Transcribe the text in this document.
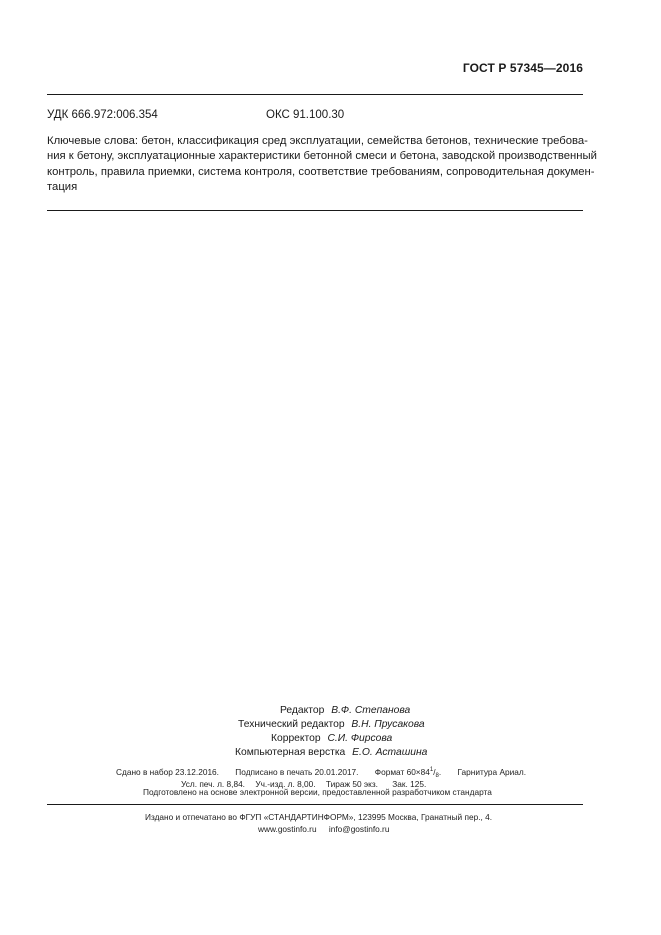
ГОСТ Р 57345—2016
УДК 666.972:006.354	ОКС 91.100.30
Ключевые слова: бетон, классификация сред эксплуатации, семейства бетонов, технические требова-
ния к бетону, эксплуатационные характеристики бетонной смеси и бетона, заводской производственный
контроль, правила приемки, система контроля, соответствие требованиям, сопроводительная докумен-
тация
Редактор В.Ф. Степанова
Технический редактор В.Н. Прусакова
Корректор С.И. Фирсова
Компьютерная верстка Е.О. Асташина
Сдано в набор 23.12.2016. Подписано в печать 20.01.2017. Формат $60\times 84^1/_8$. Гарнитура Ариал.
Усл. печ. л. 8,84. Уч.-изд. л. 8,00. Тираж 50 экз. Зак. 125.
Подготовлено на основе электронной версии, предоставленной разработчиком стандарта
Издано и отпечатано во ФГУП «СТАНДАРТИНФОРМ», 123995 Москва, Гранатный пер., 4.
www.gostinfo.ru info@gostinfo.ru
